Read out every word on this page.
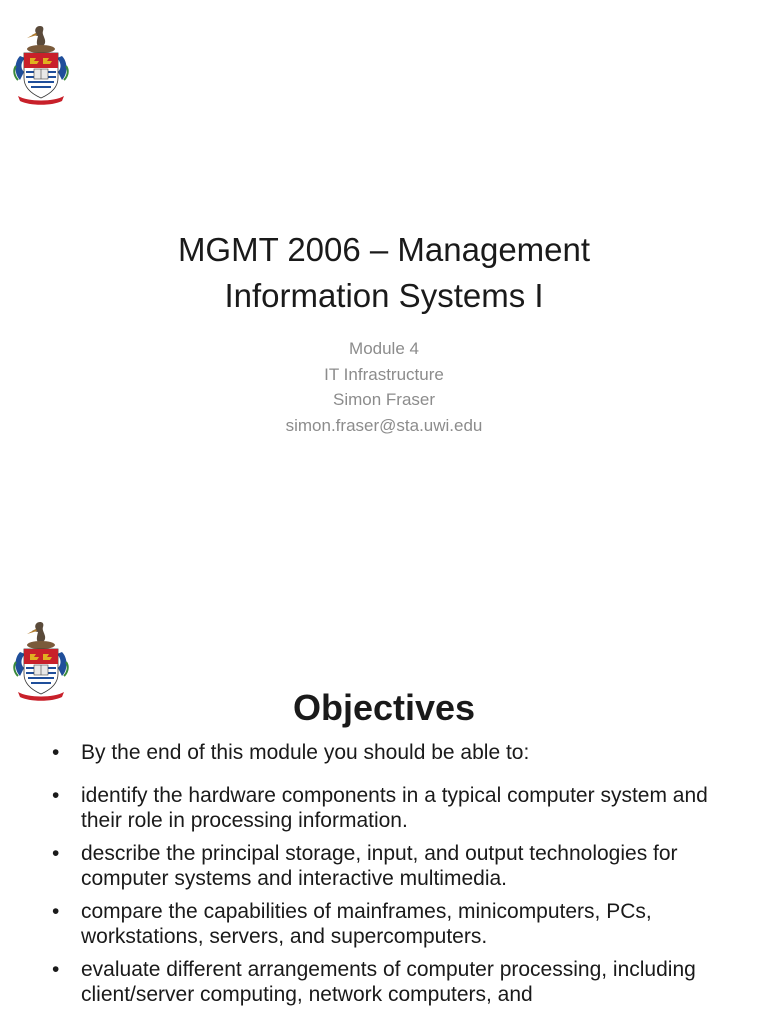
MGMT 2006 – Management
Information Systems I
Module 4
IT Infrastructure
Simon Fraser
simon.fraser@sta.uwi.edu
Objectives
•	By the end of this module you should be able to:
•	identify the hardware components in a typical computer system and their role in processing information.
•	describe the principal storage, input, and output technologies for computer systems and interactive multimedia.
•	compare the capabilities of mainframes, minicomputers, PCs, workstations, servers, and supercomputers.
•	evaluate different arrangements of computer processing, including client/server computing, network computers, and
